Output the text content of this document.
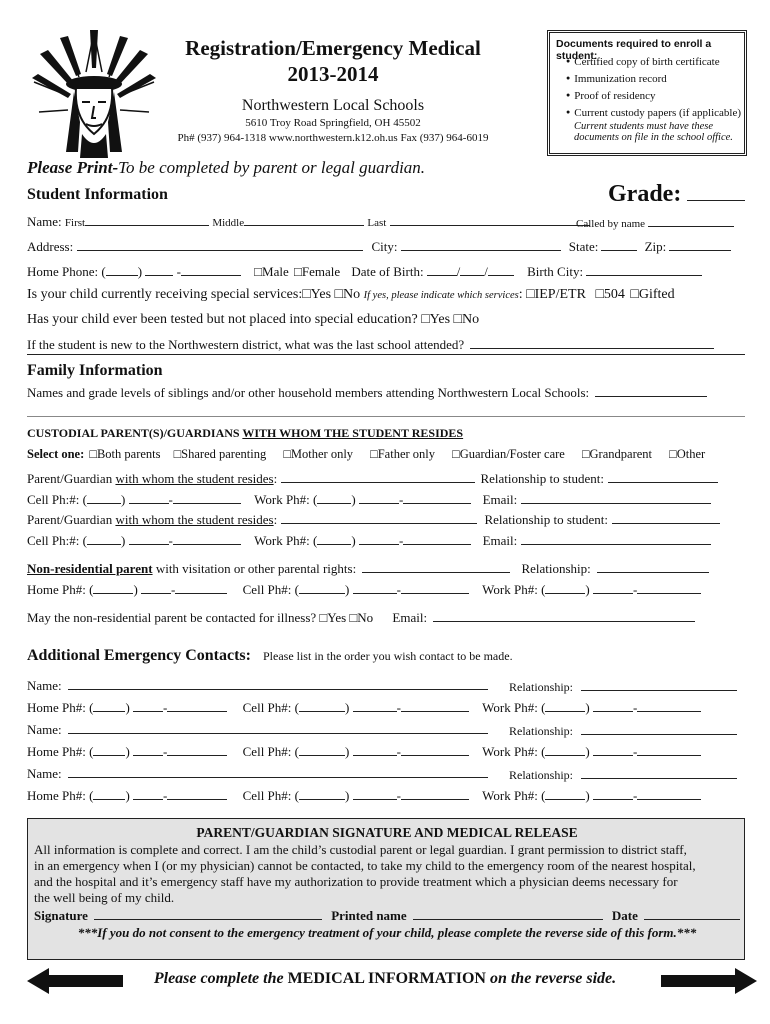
Registration/Emergency Medical
2013-2014
Northwestern Local Schools
5610 Troy Road Springfield, OH 45502
Ph# (937) 964-1318 www.northwestern.k12.oh.us Fax (937) 964-6019
Documents required to enroll a student:
● Certified copy of birth certificate
● Immunization record
● Proof of residency
● Current custody papers (if applicable)
Current students must have these
documents on file in the school office.
Please Print-To be completed by parent or legal guardian.
Student Information	Grade:
Name: First	Middle	Last	Called by name
Address:	City:	State:	Zip:
Home Phone: ( )  -	□Male □Female Date of Birth:	/ /	Birth City:
Is your child currently receiving special services:□Yes □No If yes, please indicate which services: □IEP/ETR □504 □Gifted
Has your child ever been tested but not placed into special education? □Yes □No
If the student is new to the Northwestern district, what was the last school attended?
Family Information
Names and grade levels of siblings and/or other household members attending Northwestern Local Schools:
CUSTODIAL PARENT(S)/GUARDIANS WITH WHOM THE STUDENT RESIDES
Select one: □Both parents □Shared parenting □Mother only □Father only □Guardian/Foster care □Grandparent □Other
Parent/Guardian with whom the student resides:	Relationship to student:
Cell Ph:#: (	)	-	Work Ph#: (	)	-	Email:
Parent/Guardian with whom the student resides:	Relationship to student:
Cell Ph:#: (	)	-	Work Ph#: (	)	-	Email:
Non-residential parent with visitation or other parental rights:	Relationship:
Home Ph#: (	) -	Cell Ph#: (	)	-	Work Ph#: (	)	-
May the non-residential parent be contacted for illness? □Yes □No Email:
Additional Emergency Contacts: Please list in the order you wish contact to be made.
Name:	Relationship:
Home Ph#: ( ) -	Cell Ph#: (	)	-	Work Ph#: (	)	-
Name:	Relationship:
Home Ph#: ( ) -	Cell Ph#: (	)	-	Work Ph#: (	)	-
Name:	Relationship:
Home Ph#: ( ) -	Cell Ph#: (	)	-	Work Ph#: (	)	-
PARENT/GUARDIAN SIGNATURE AND MEDICAL RELEASE
All information is complete and correct. I am the child’s custodial parent or legal guardian. I grant permission to district staff,
in an emergency when I (or my physician) cannot be contacted, to take my child to the emergency room of the nearest hospital,
and the hospital and it’s emergency staff have my authorization to provide treatment which a physician deems necessary for
the well being of my child.
Signature	Printed name	Date
***If you do not consent to the emergency treatment of your child, please complete the reverse side of this form.***
Please complete the MEDICAL INFORMATION on the reverse side.
